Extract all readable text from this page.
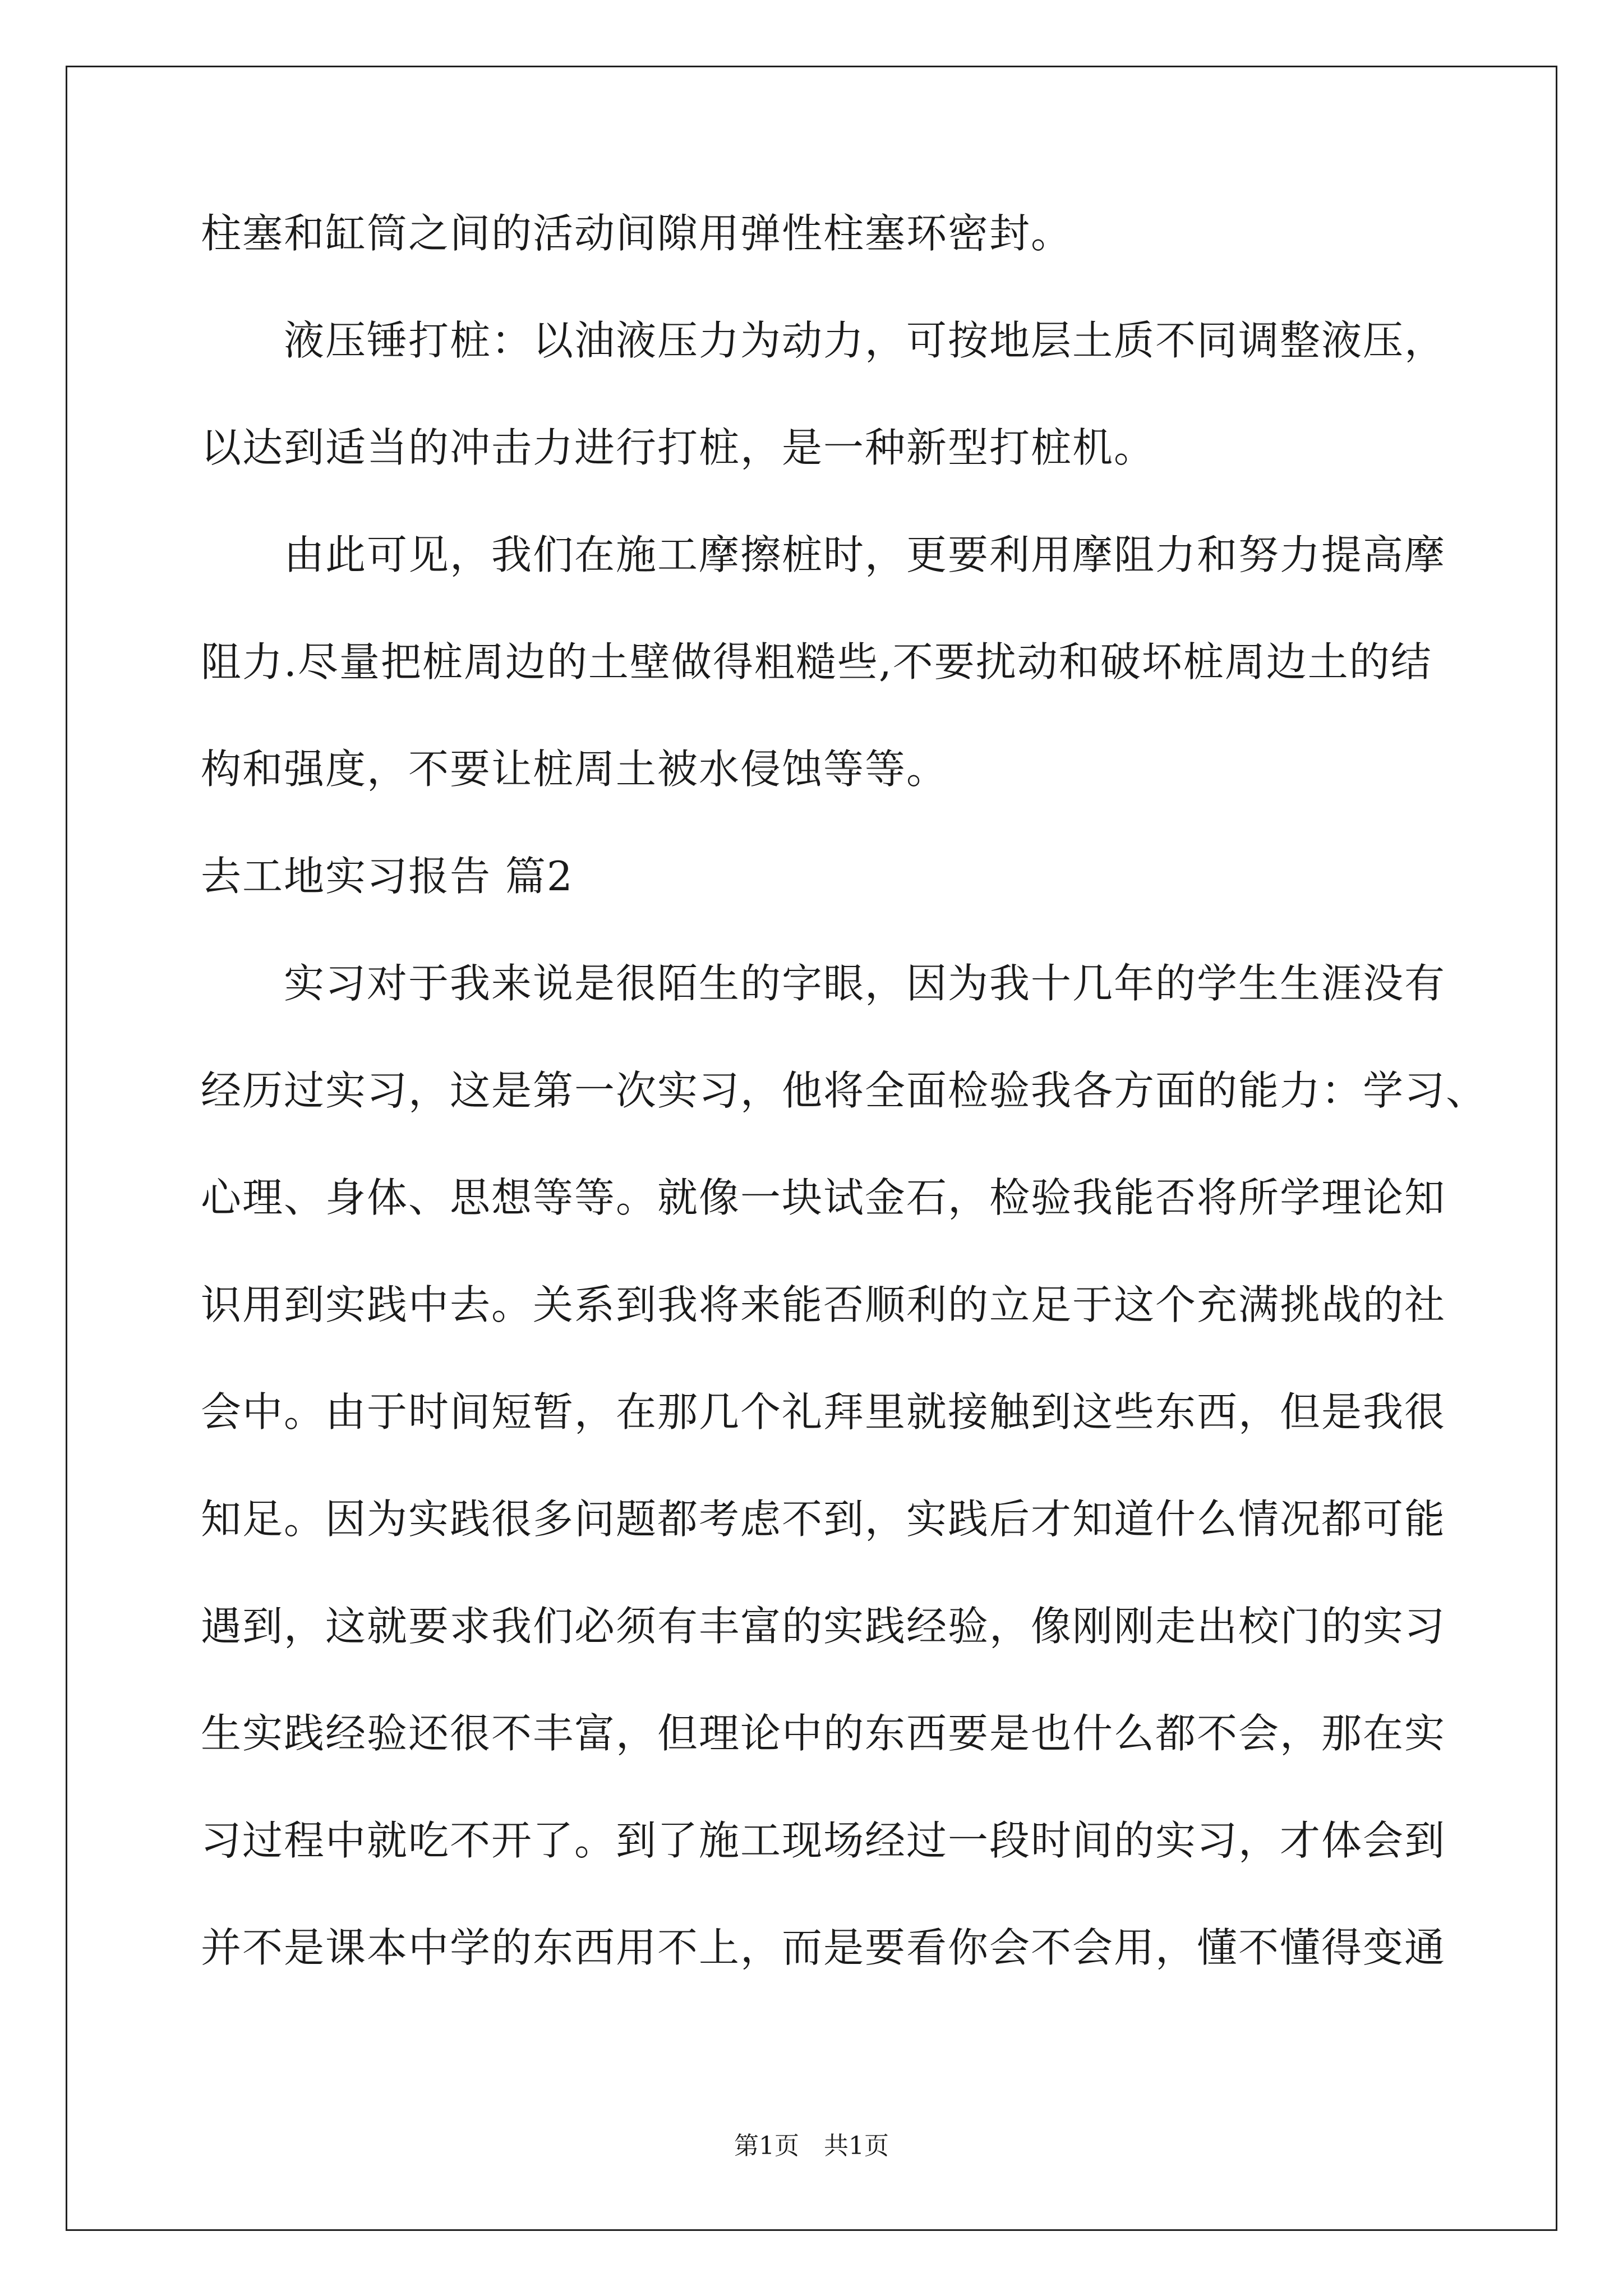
柱塞和缸筒之间的活动间隙用弹性柱塞环密封。
液压锤打桩：以油液压力为动力，可按地层土质不同调整液压，
以达到适当的冲击力进行打桩，是一种新型打桩机。
由此可见，我们在施工摩擦桩时，更要利用摩阻力和努力提高摩
阻力.尽量把桩周边的土壁做得粗糙些,不要扰动和破坏桩周边土的结
构和强度，不要让桩周土被水侵蚀等等。
去工地实习报告 篇2
实习对于我来说是很陌生的字眼，因为我十几年的学生生涯没有
经历过实习，这是第一次实习，他将全面检验我各方面的能力：学习、
心理、身体、思想等等。就像一块试金石，检验我能否将所学理论知
识用到实践中去。关系到我将来能否顺利的立足于这个充满挑战的社
会中。由于时间短暂，在那几个礼拜里就接触到这些东西，但是我很
知足。因为实践很多问题都考虑不到，实践后才知道什么情况都可能
遇到，这就要求我们必须有丰富的实践经验，像刚刚走出校门的实习
生实践经验还很不丰富，但理论中的东西要是也什么都不会，那在实
习过程中就吃不开了。到了施工现场经过一段时间的实习，才体会到
并不是课本中学的东西用不上，而是要看你会不会用，懂不懂得变通
第1页　共1页
